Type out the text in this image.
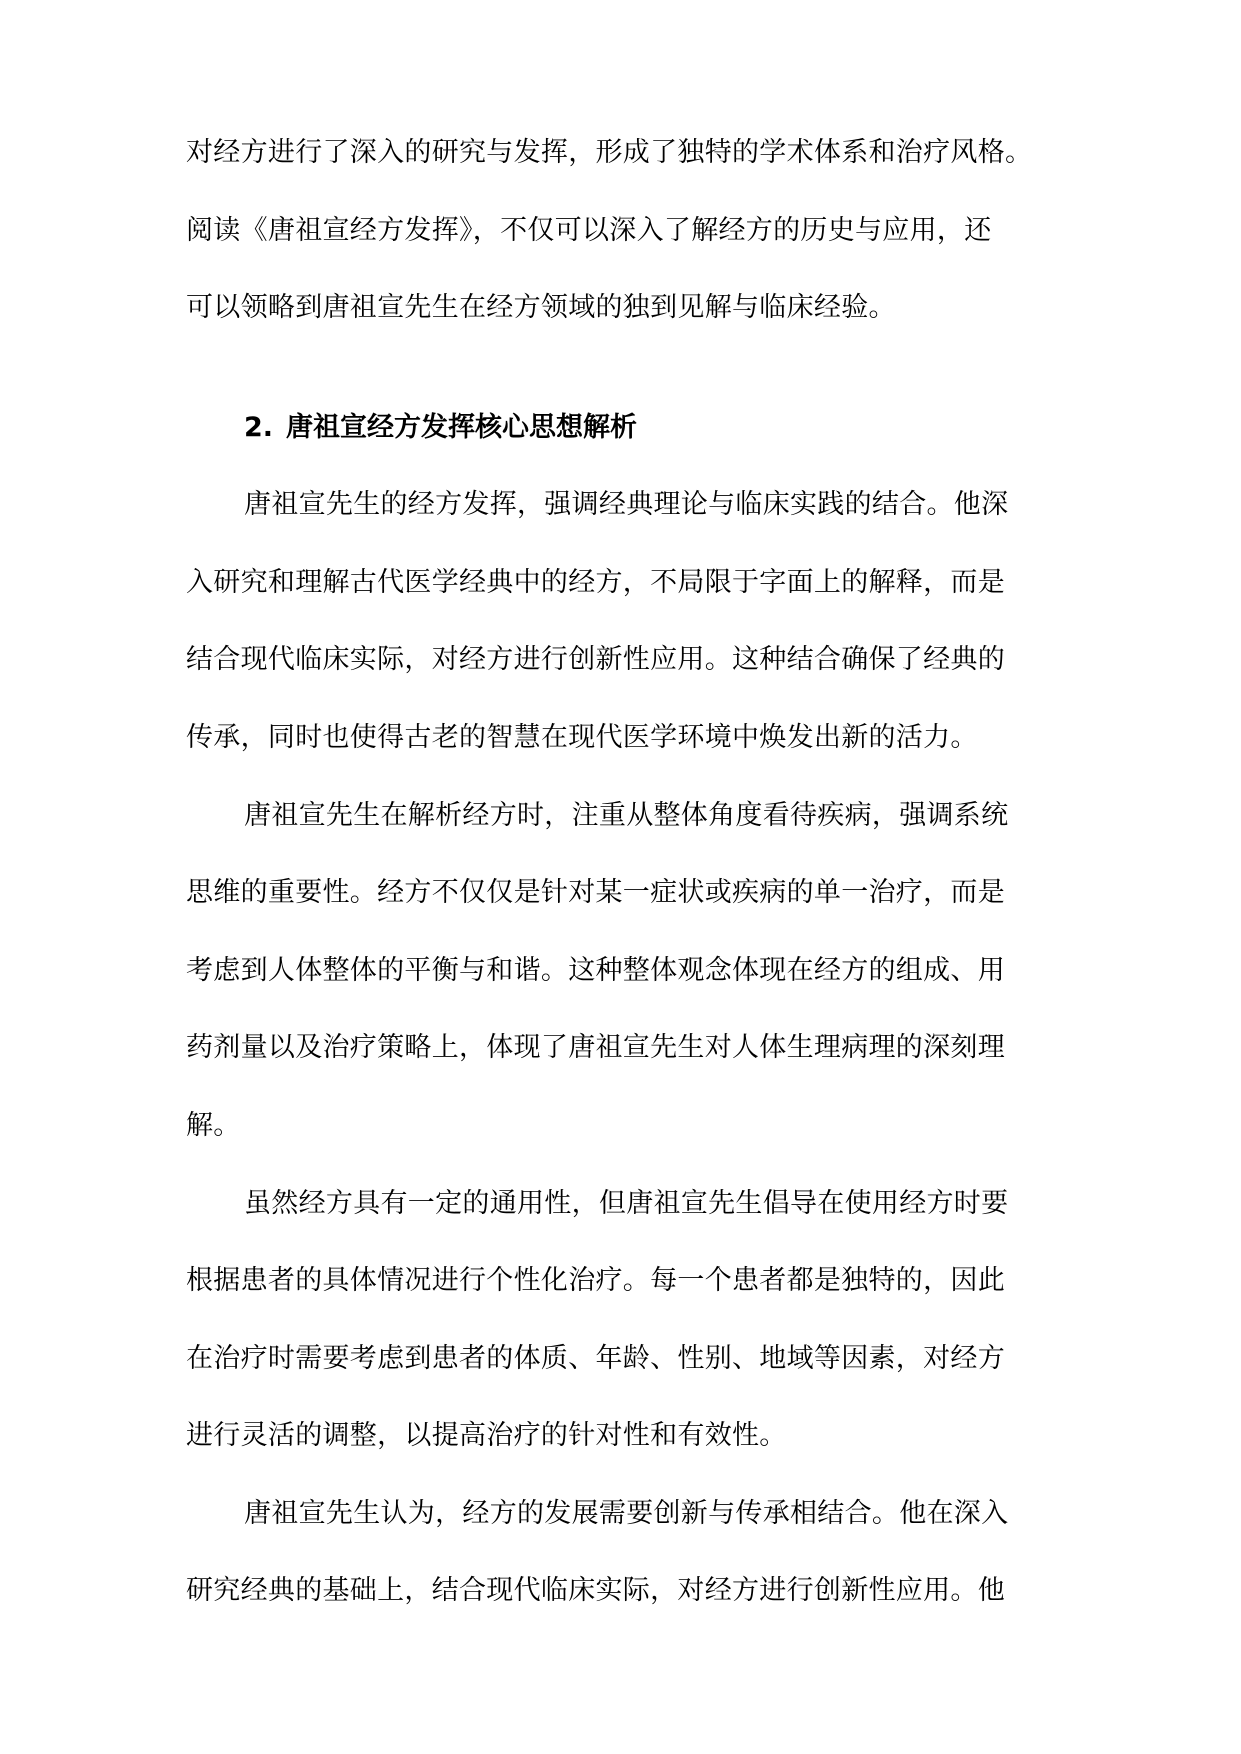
对经方进行了深入的研究与发挥，形成了独特的学术体系和治疗风格。
阅读《唐祖宣经方发挥》，不仅可以深入了解经方的历史与应用，还
可以领略到唐祖宣先生在经方领域的独到见解与临床经验。
2. 唐祖宣经方发挥核心思想解析
唐祖宣先生的经方发挥，强调经典理论与临床实践的结合。他深
入研究和理解古代医学经典中的经方，不局限于字面上的解释，而是
结合现代临床实际，对经方进行创新性应用。这种结合确保了经典的
传承，同时也使得古老的智慧在现代医学环境中焕发出新的活力。
唐祖宣先生在解析经方时，注重从整体角度看待疾病，强调系统
思维的重要性。经方不仅仅是针对某一症状或疾病的单一治疗，而是
考虑到人体整体的平衡与和谐。这种整体观念体现在经方的组成、用
药剂量以及治疗策略上，体现了唐祖宣先生对人体生理病理的深刻理
解。
虽然经方具有一定的通用性，但唐祖宣先生倡导在使用经方时要
根据患者的具体情况进行个性化治疗。每一个患者都是独特的，因此
在治疗时需要考虑到患者的体质、年龄、性别、地域等因素，对经方
进行灵活的调整，以提高治疗的针对性和有效性。
唐祖宣先生认为，经方的发展需要创新与传承相结合。他在深入
研究经典的基础上，结合现代临床实际，对经方进行创新性应用。他
